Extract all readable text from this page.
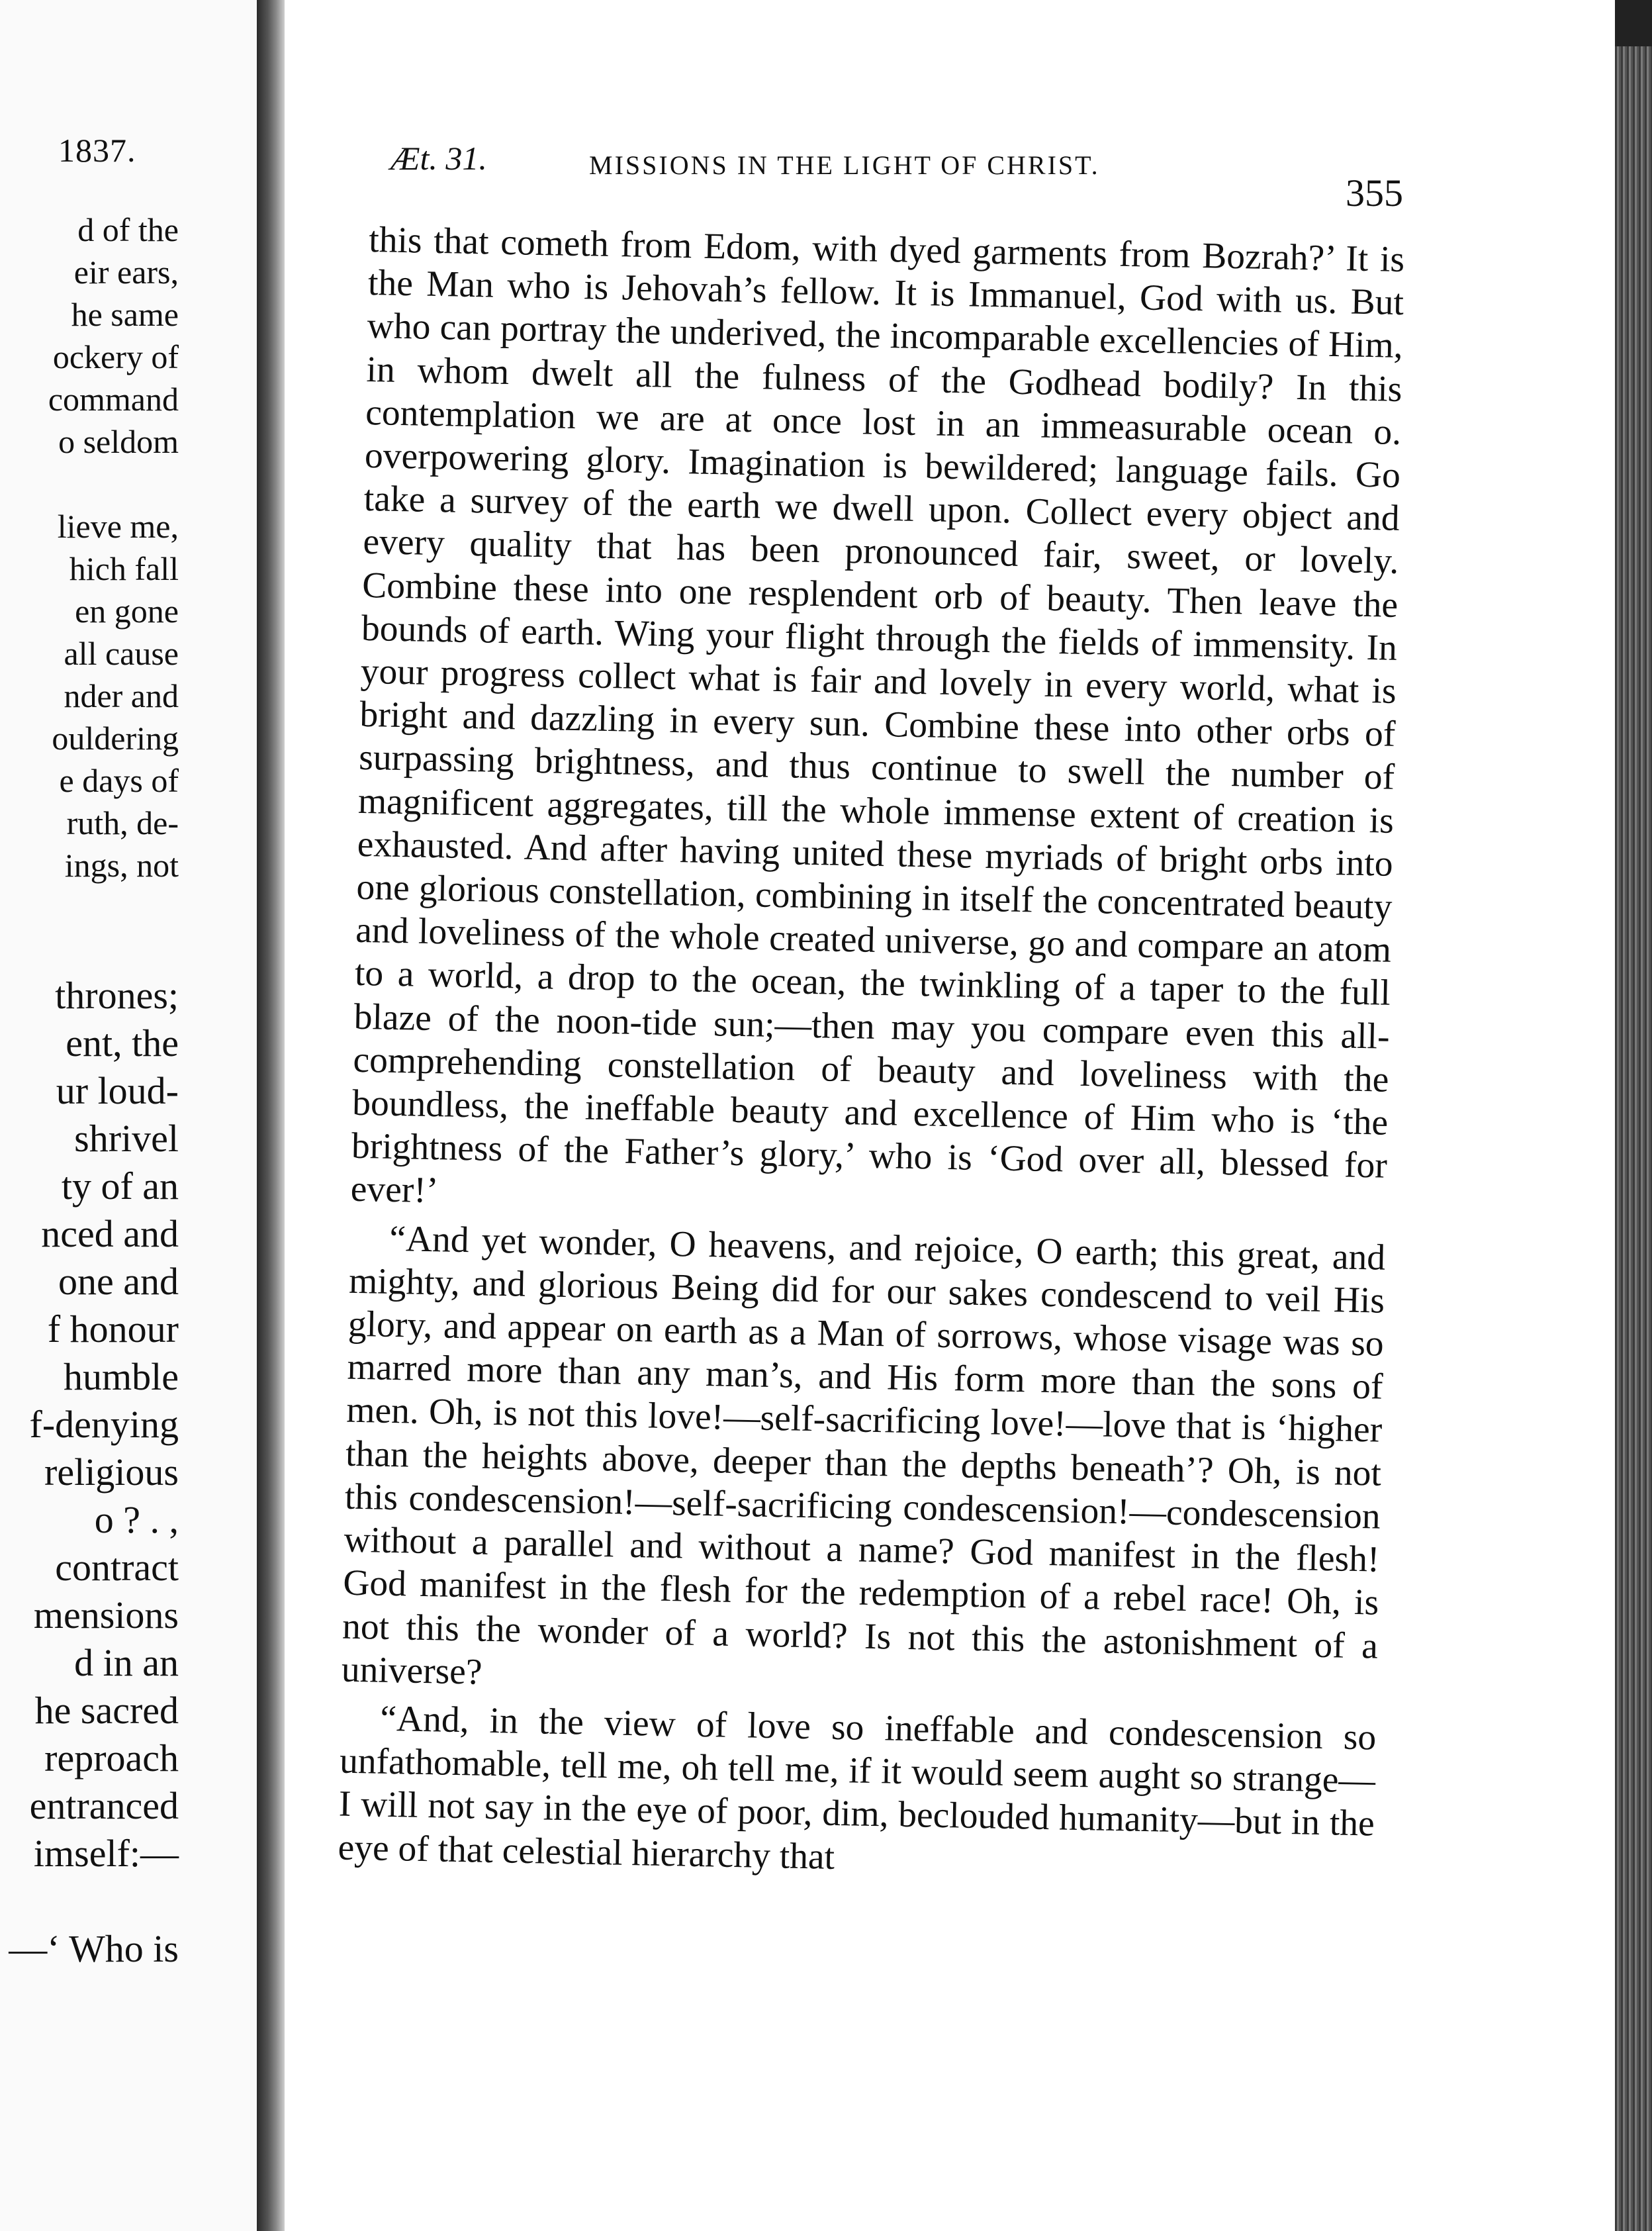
1837.
d of the
eir ears,
he same
ockery of
command
o seldom
lieve me,
hich fall
en gone
all cause
nder and
ouldering
e days of
ruth, de-
ings, not
thrones;
ent, the
ur loud-
shrivel
ty of an
nced and
one and
f honour
humble
f-denying
religious
o ? . ,
contract
mensions
d in an
he sacred
reproach
entranced
imself:—
—‘ Who is
Æt. 31.	MISSIONS IN THE LIGHT OF CHRIST.
355

this that cometh from Edom, with dyed garments from Bozrah?’ It is the Man who is Jehovah’s fellow. It is Immanuel, God with us. But who can portray the underived, the incomparable excellencies of Him, in whom dwelt all the fulness of the Godhead bodily? In this contemplation we are at once lost in an immeasurable ocean o. overpowering glory. Imagination is bewildered; language fails. Go take a survey of the earth we dwell upon. Collect every object and every quality that has been pronounced fair, sweet, or lovely. Combine these into one resplendent orb of beauty. Then leave the bounds of earth. Wing your flight through the fields of immensity. In your progress collect what is fair and lovely in every world, what is bright and dazzling in every sun. Combine these into other orbs of surpassing brightness, and thus continue to swell the number of magnificent aggregates, till the whole immense extent of creation is exhausted. And after having united these myriads of bright orbs into one glorious constellation, combining in itself the concentrated beauty and loveliness of the whole created universe, go and compare an atom to a world, a drop to the ocean, the twinkling of a taper to the full blaze of the noon-tide sun;—then may you compare even this all-comprehending constellation of beauty and loveliness with the boundless, the ineffable beauty and excellence of Him who is ‘the brightness of the Father’s glory,’ who is ‘God over all, blessed for ever!’

“And yet wonder, O heavens, and rejoice, O earth; this great, and mighty, and glorious Being did for our sakes condescend to veil His glory, and appear on earth as a Man of sorrows, whose visage was so marred more than any man’s, and His form more than the sons of men. Oh, is not this love!—self-sacrificing love!—love that is ‘higher than the heights above, deeper than the depths beneath’? Oh, is not this condescension!—self-sacrificing condescension!—condescension without a parallel and without a name? God manifest in the flesh! God manifest in the flesh for the redemption of a rebel race! Oh, is not this the wonder of a world? Is not this the astonishment of a universe?

“And, in the view of love so ineffable and condescension so unfathomable, tell me, oh tell me, if it would seem aught so strange—I will not say in the eye of poor, dim, beclouded humanity—but in the eye of that celestial hierarchy that
